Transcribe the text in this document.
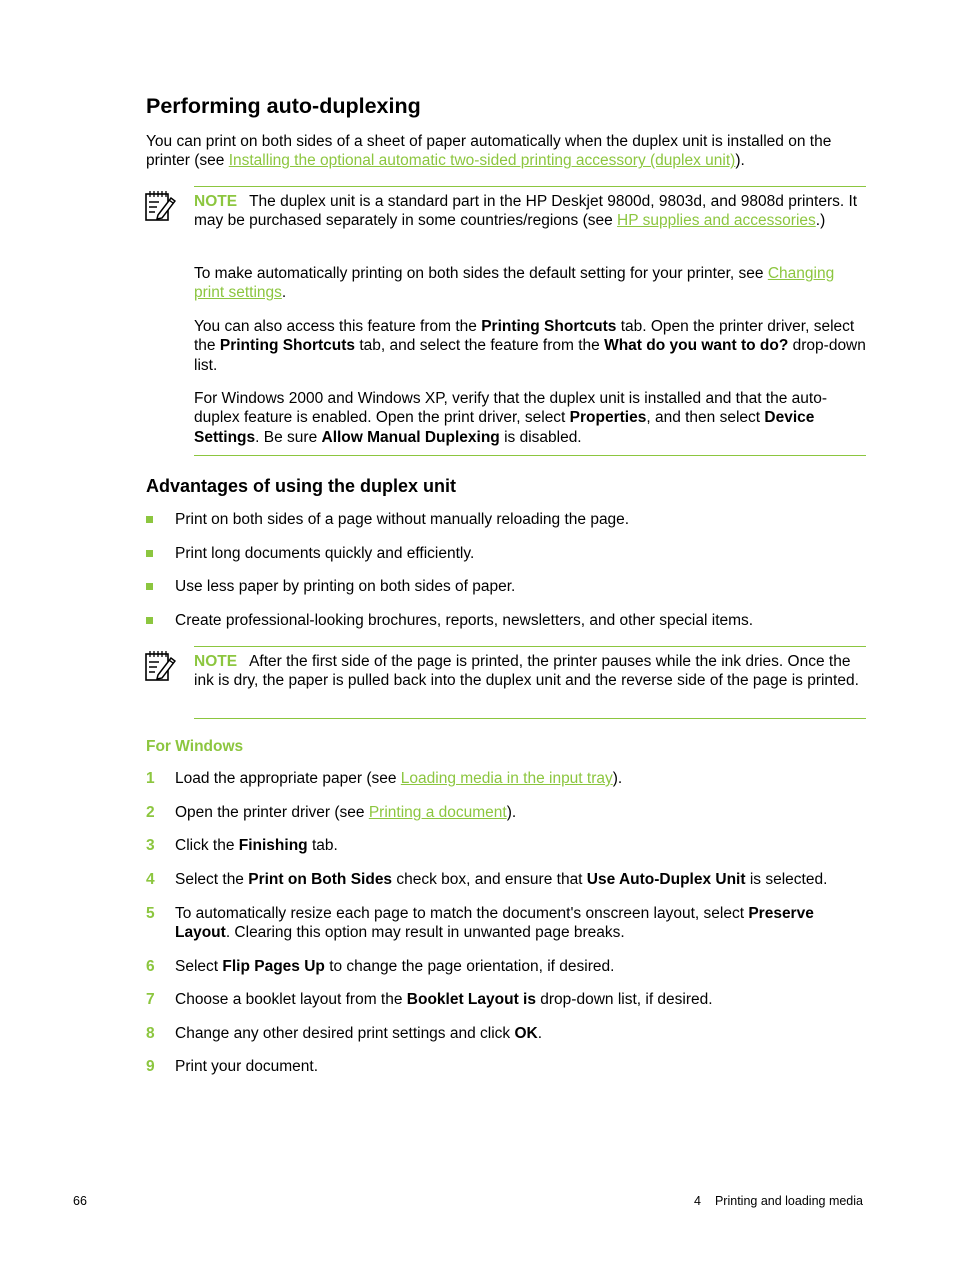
Performing auto-duplexing

You can print on both sides of a sheet of paper automatically when the duplex unit is installed on the printer (see Installing the optional automatic two-sided printing accessory (duplex unit)).

NOTE The duplex unit is a standard part in the HP Deskjet 9800d, 9803d, and 9808d printers. It may be purchased separately in some countries/regions (see HP supplies and accessories.)

To make automatically printing on both sides the default setting for your printer, see Changing print settings.

You can also access this feature from the Printing Shortcuts tab. Open the printer driver, select the Printing Shortcuts tab, and select the feature from the What do you want to do? drop-down list.

For Windows 2000 and Windows XP, verify that the duplex unit is installed and that the auto-duplex feature is enabled. Open the print driver, select Properties, and then select Device Settings. Be sure Allow Manual Duplexing is disabled.

Advantages of using the duplex unit
Print on both sides of a page without manually reloading the page.
Print long documents quickly and efficiently.
Use less paper by printing on both sides of paper.
Create professional-looking brochures, reports, newsletters, and other special items.

NOTE After the first side of the page is printed, the printer pauses while the ink dries. Once the ink is dry, the paper is pulled back into the duplex unit and the reverse side of the page is printed.

For Windows
1 Load the appropriate paper (see Loading media in the input tray).
2 Open the printer driver (see Printing a document).
3 Click the Finishing tab.
4 Select the Print on Both Sides check box, and ensure that Use Auto-Duplex Unit is selected.
5 To automatically resize each page to match the document's onscreen layout, select Preserve Layout. Clearing this option may result in unwanted page breaks.
6 Select Flip Pages Up to change the page orientation, if desired.
7 Choose a booklet layout from the Booklet Layout is drop-down list, if desired.
8 Change any other desired print settings and click OK.
9 Print your document.
66	4 Printing and loading media
